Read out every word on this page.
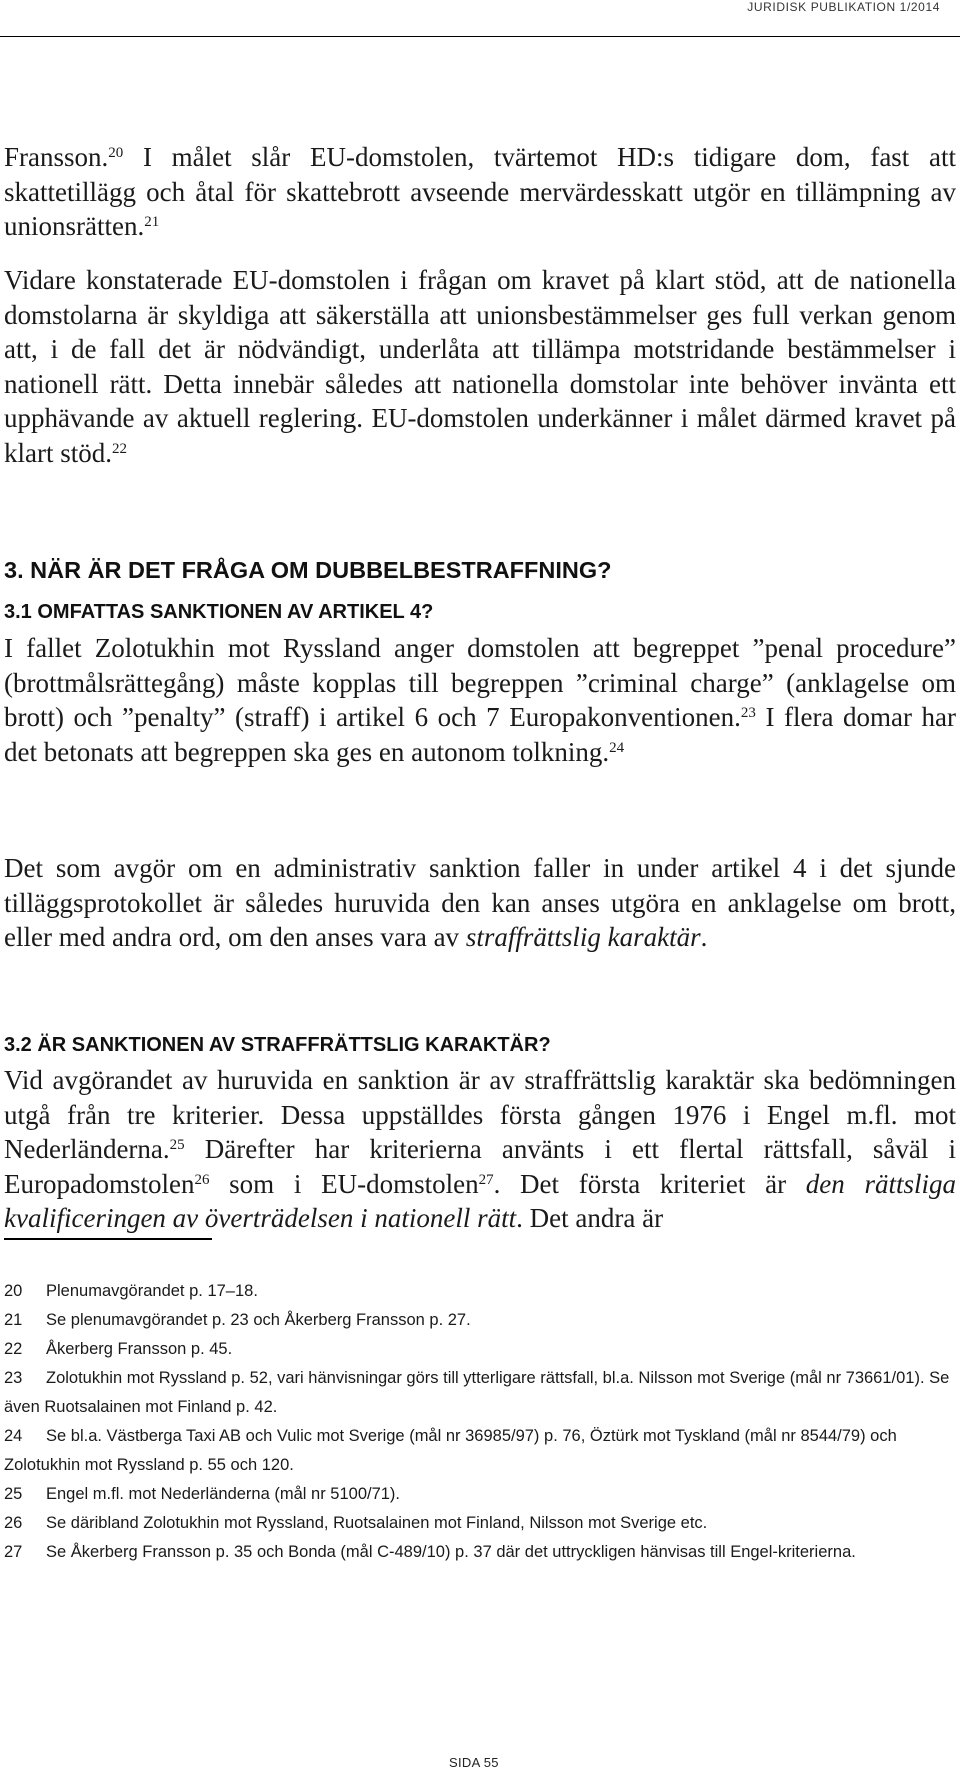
JURIDISK PUBLIKATION 1/2014

Fransson.$^{20}$ I målet slår EU-domstolen, tvärtemot HD:s tidigare dom, fast att skattetillägg och åtal för skattebrott avseende mervärdesskatt utgör en tillämpning av unionsrätten.$^{21}$

Vidare konstaterade EU-domstolen i frågan om kravet på klart stöd, att de nationella domstolarna är skyldiga att säkerställa att unionsbestämmelser ges full verkan genom att, i de fall det är nödvändigt, underlåta att tillämpa motstridande bestämmelser i nationell rätt. Detta innebär således att nationella domstolar inte behöver invänta ett upphävande av aktuell reglering. EU-domstolen underkänner i målet därmed kravet på klart stöd.$^{22}$

3. NÄR ÄR DET FRÅGA OM DUBBELBESTRAFFNING?
3.1 OMFATTAS SANKTIONEN AV ARTIKEL 4?

I fallet Zolotukhin mot Ryssland anger domstolen att begreppet ”penal procedure” (brottmålsrättegång) måste kopplas till begreppen ”criminal charge” (anklagelse om brott) och ”penalty” (straff) i artikel 6 och 7 Europakonventionen.$^{23}$ I flera domar har det betonats att begreppen ska ges en autonom tolkning.$^{24}$

Det som avgör om en administrativ sanktion faller in under artikel 4 i det sjunde tilläggsprotokollet är således huruvida den kan anses utgöra en anklagelse om brott, eller med andra ord, om den anses vara av straffrättslig karaktär.

3.2 ÄR SANKTIONEN AV STRAFFRÄTTSLIG KARAKTÄR?

Vid avgörandet av huruvida en sanktion är av straffrättslig karaktär ska bedömningen utgå från tre kriterier. Dessa uppställdes första gången 1976 i Engel m.fl. mot Nederländerna.$^{25}$ Därefter har kriterierna använts i ett flertal rättsfall, såväl i Europadomstolen$^{26}$ som i EU-domstolen$^{27}$. Det första kriteriet är den rättsliga kvalificeringen av överträdelsen i nationell rätt. Det andra är

20 Plenumavgörandet p. 17–18.
21 Se plenumavgörandet p. 23 och Åkerberg Fransson p. 27.
22 Åkerberg Fransson p. 45.
23 Zolotukhin mot Ryssland p. 52, vari hänvisningar görs till ytterligare rättsfall, bl.a. Nilsson mot Sverige (mål nr 73661/01). Se även Ruotsalainen mot Finland p. 42.
24 Se bl.a. Västberga Taxi AB och Vulic mot Sverige (mål nr 36985/97) p. 76, Öztürk mot Tyskland (mål nr 8544/79) och Zolotukhin mot Ryssland p. 55 och 120.
25 Engel m.fl. mot Nederländerna (mål nr 5100/71).
26 Se däribland Zolotukhin mot Ryssland, Ruotsalainen mot Finland, Nilsson mot Sverige etc.
27 Se Åkerberg Fransson p. 35 och Bonda (mål C-489/10) p. 37 där det uttryckligen hänvisas till Engel-kriterierna.
SIDA 55
